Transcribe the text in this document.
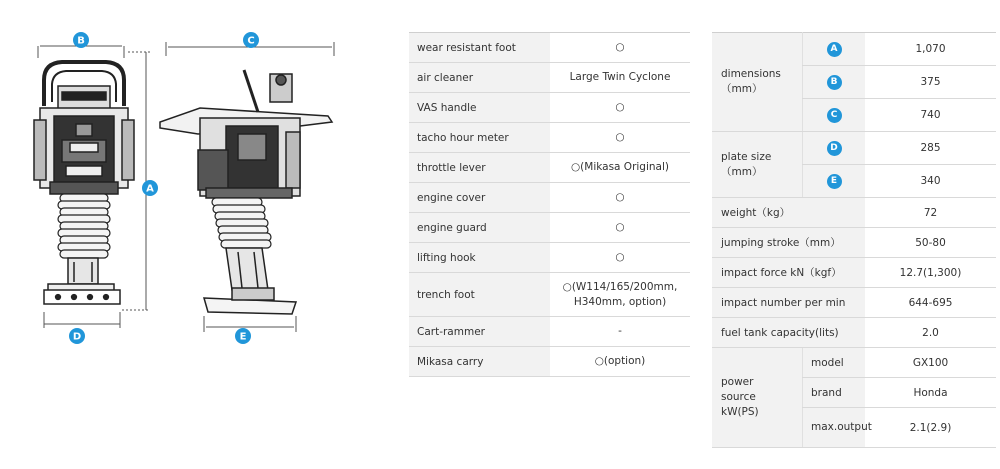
B
A
D
C
E
wear resistant foot	○
air cleaner	Large Twin Cyclone
VAS handle	○
tacho hour meter	○
throttle lever	○(Mikasa Original)
engine cover	○
engine guard	○
lifting hook	○
trench foot	○(W114/165/200mm, H340mm, option)
Cart-rammer	-
Mikasa carry	○(option)
dimensions（mm）	A	1,070
	B	375
	C	740

plate size（mm）	D	285
	E	340
weight（kg）		72
jumping stroke（mm）		50-80
impact force kN（kgf）		12.7(1,300)
impact number per min		644-695
fuel tank capacity(lits)		2.0

power source kW(PS)	model	GX100
	brand	Honda

	max.output	2.1(2.9)
